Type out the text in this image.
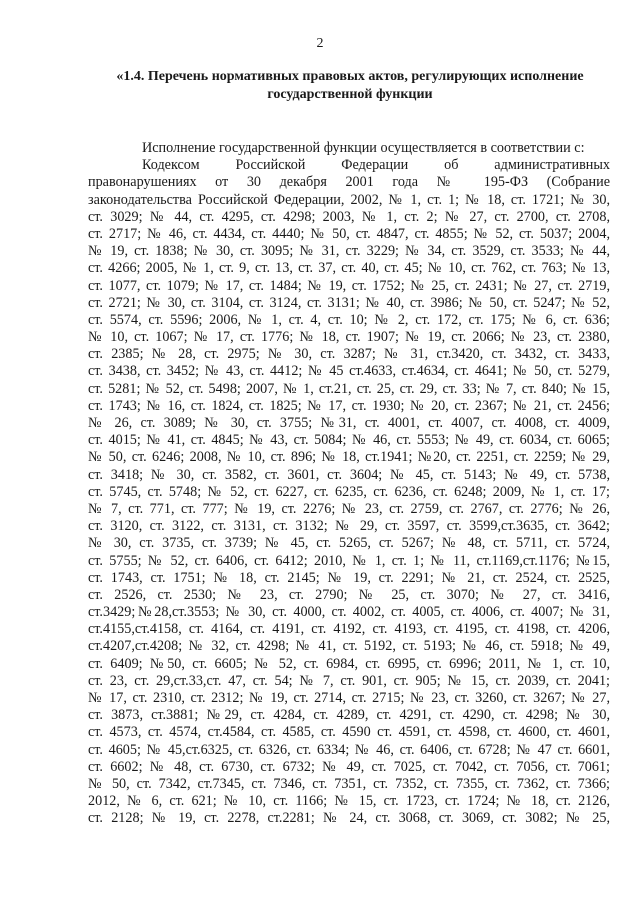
2
«1.4. Перечень нормативных правовых актов, регулирующих исполнение
государственной функции
Исполнение государственной функции осуществляется в соответствии с:
Кодексом Российской Федерации об административных
правонарушениях от 30 декабря 2001 года № 195-ФЗ (Собрание
законодательства Российской Федерации, 2002, № 1, ст. 1; № 18, ст. 1721; № 30,
ст. 3029; № 44, ст. 4295, ст. 4298; 2003, № 1, ст. 2; № 27, ст. 2700, ст. 2708,
ст. 2717; № 46, ст. 4434, ст. 4440; № 50, ст. 4847, ст. 4855; № 52, ст. 5037; 2004,
№ 19, ст. 1838; № 30, ст. 3095; № 31, ст. 3229; № 34, ст. 3529, ст. 3533; № 44,
ст. 4266; 2005, № 1, ст. 9, ст. 13, ст. 37, ст. 40, ст. 45; № 10, ст. 762, ст. 763; № 13,
ст. 1077, ст. 1079; № 17, ст. 1484; № 19, ст. 1752; № 25, ст. 2431; № 27, ст. 2719,
ст. 2721; № 30, ст. 3104, ст. 3124, ст. 3131; № 40, ст. 3986; № 50, ст. 5247; № 52,
ст. 5574, ст. 5596; 2006, № 1, ст. 4, ст. 10; № 2, ст. 172, ст. 175; № 6, ст. 636;
№ 10, ст. 1067; № 17, ст. 1776; № 18, ст. 1907; № 19, ст. 2066; № 23, ст. 2380,
ст. 2385; № 28, ст. 2975; № 30, ст. 3287; № 31, ст.3420, ст. 3432, ст. 3433,
ст. 3438, ст. 3452; № 43, ст. 4412; № 45 ст.4633, ст.4634, ст. 4641; № 50, ст. 5279,
ст. 5281; № 52, ст. 5498; 2007, № 1, ст.21, ст. 25, ст. 29, ст. 33; № 7, ст. 840; № 15,
ст. 1743; № 16, ст. 1824, ст. 1825; № 17, ст. 1930; № 20, ст. 2367; № 21, ст. 2456;
№ 26, ст. 3089; № 30, ст. 3755; №31, ст. 4001, ст. 4007, ст. 4008, ст. 4009,
ст. 4015; № 41, ст. 4845; № 43, ст. 5084; № 46, ст. 5553; № 49, ст. 6034, ст. 6065;
№ 50, ст. 6246; 2008, № 10, ст. 896; № 18, ст.1941; №20, ст. 2251, ст. 2259; № 29,
ст. 3418; № 30, ст. 3582, ст. 3601, ст. 3604; № 45, ст. 5143; № 49, ст. 5738,
ст. 5745, ст. 5748; № 52, ст. 6227, ст. 6235, ст. 6236, ст. 6248; 2009, № 1, ст. 17;
№ 7, ст. 771, ст. 777; № 19, ст. 2276; № 23, ст. 2759, ст. 2767, ст. 2776; № 26,
ст. 3120, ст. 3122, ст. 3131, ст. 3132; № 29, ст. 3597, ст. 3599,ст.3635, ст. 3642;
№ 30, ст. 3735, ст. 3739; № 45, ст. 5265, ст. 5267; № 48, ст. 5711, ст. 5724,
ст. 5755; № 52, ст. 6406, ст. 6412; 2010, № 1, ст. 1; № 11, ст.1169,ст.1176; №15,
ст. 1743, ст. 1751; № 18, ст. 2145; № 19, ст. 2291; № 21, ст. 2524, ст. 2525,
ст. 2526, ст. 2530; № 23, ст. 2790; № 25, ст. 3070; № 27, ст. 3416,
ст.3429;№28,ст.3553; № 30, ст. 4000, ст. 4002, ст. 4005, ст. 4006, ст. 4007; № 31,
ст.4155,ст.4158, ст. 4164, ст. 4191, ст. 4192, ст. 4193, ст. 4195, ст. 4198, ст. 4206,
ст.4207,ст.4208; № 32, ст. 4298; № 41, ст. 5192, ст. 5193; № 46, ст. 5918; № 49,
ст. 6409; №50, ст. 6605; № 52, ст. 6984, ст. 6995, ст. 6996; 2011, № 1, ст. 10,
ст. 23, ст. 29,ст.33,ст. 47, ст. 54; № 7, ст. 901, ст. 905; № 15, ст. 2039, ст. 2041;
№ 17, ст. 2310, ст. 2312; № 19, ст. 2714, ст. 2715; № 23, ст. 3260, ст. 3267; № 27,
ст. 3873, ст.3881; №29, ст. 4284, ст. 4289, ст. 4291, ст. 4290, ст. 4298; № 30,
ст. 4573, ст. 4574, ст.4584, ст. 4585, ст. 4590 ст. 4591, ст. 4598, ст. 4600, ст. 4601,
ст. 4605; № 45,ст.6325, ст. 6326, ст. 6334; № 46, ст. 6406, ст. 6728; № 47 ст. 6601,
ст. 6602; № 48, ст. 6730, ст. 6732; № 49, ст. 7025, ст. 7042, ст. 7056, ст. 7061;
№ 50, ст. 7342, ст.7345, ст. 7346, ст. 7351, ст. 7352, ст. 7355, ст. 7362, ст. 7366;
2012, № 6, ст. 621; № 10, ст. 1166; № 15, ст. 1723, ст. 1724; № 18, ст. 2126,
ст. 2128; № 19, ст. 2278, ст.2281; № 24, ст. 3068, ст. 3069, ст. 3082; № 25,
